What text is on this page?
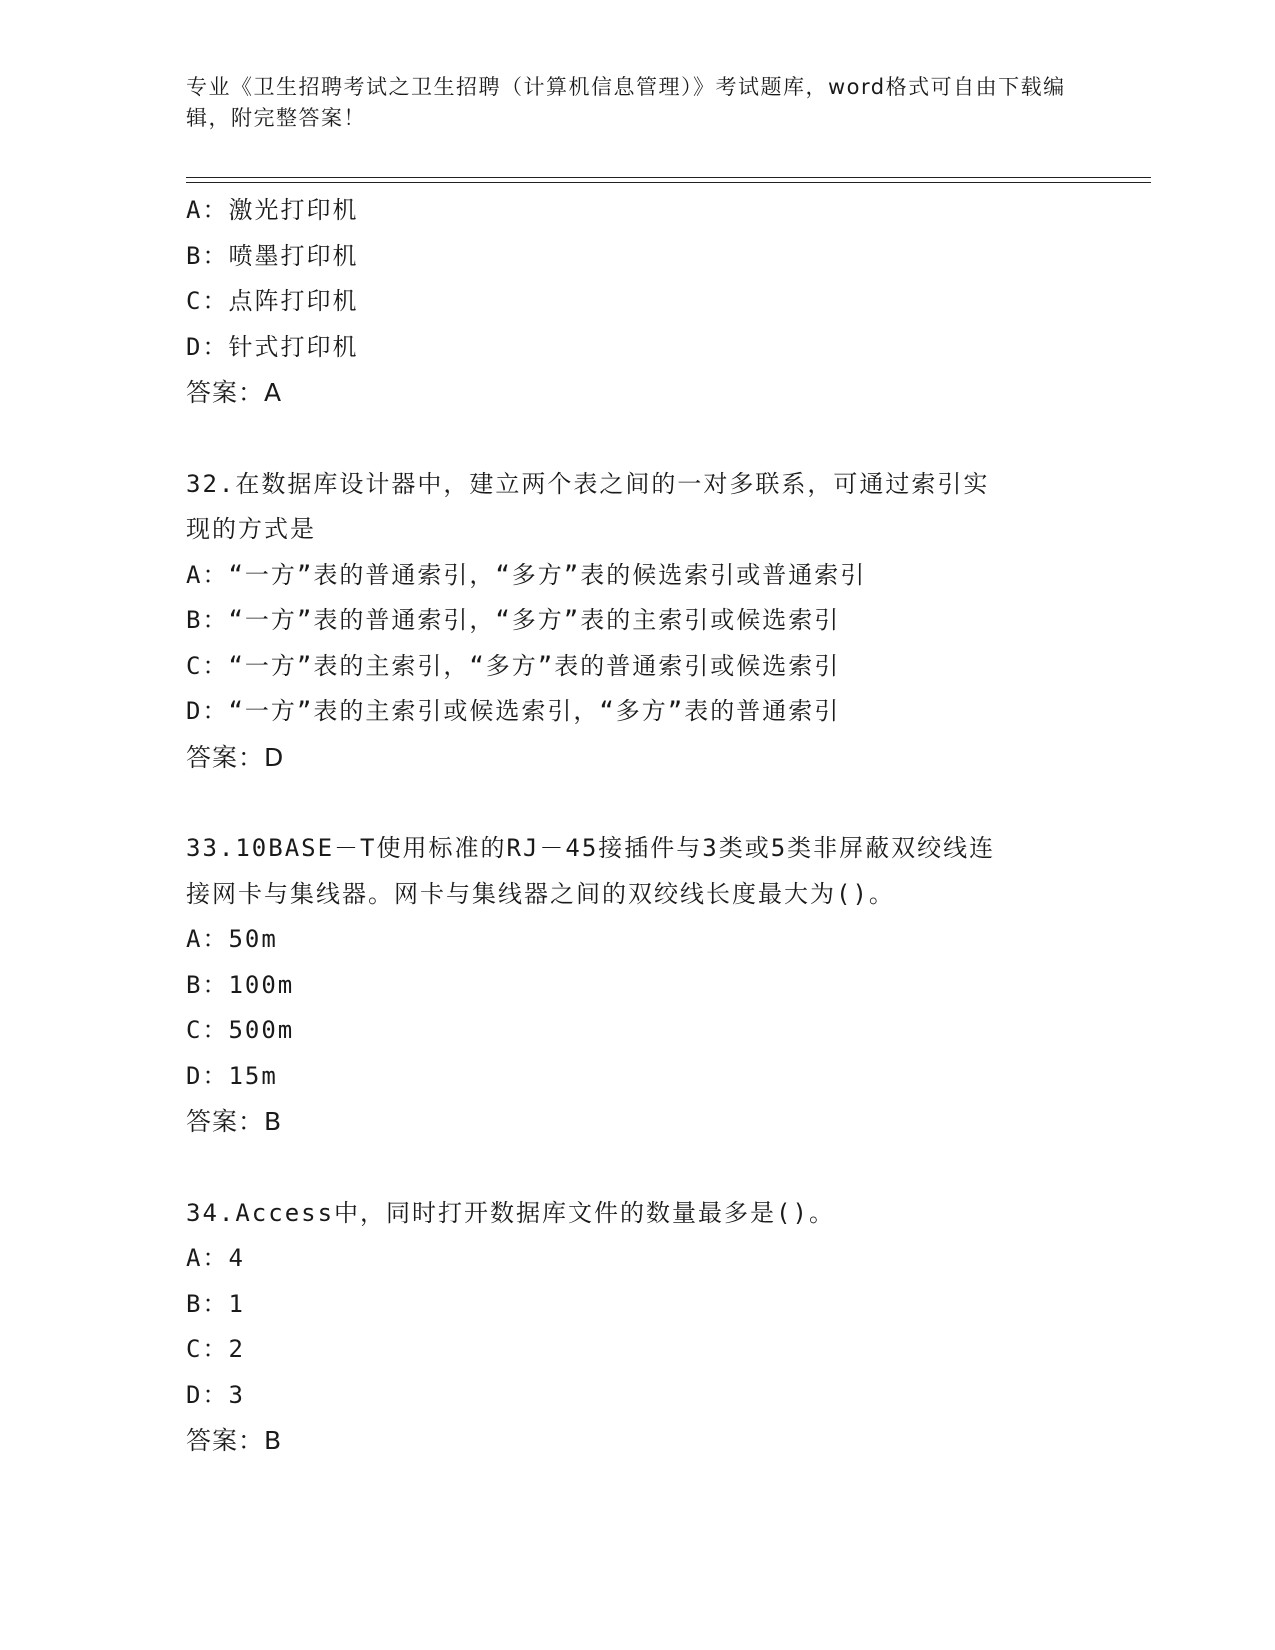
专业《卫生招聘考试之卫生招聘（计算机信息管理）》考试题库，word格式可自由下载编辑，附完整答案！
A：激光打印机
B：喷墨打印机
C：点阵打印机
D：针式打印机
答案：A
32.在数据库设计器中，建立两个表之间的一对多联系，可通过索引实
现的方式是
A：“一方”表的普通索引，“多方”表的候选索引或普通索引
B：“一方”表的普通索引，“多方”表的主索引或候选索引
C：“一方”表的主索引，“多方”表的普通索引或候选索引
D：“一方”表的主索引或候选索引，“多方”表的普通索引
答案：D
33.10BASE－T使用标准的RJ－45接插件与3类或5类非屏蔽双绞线连
接网卡与集线器。网卡与集线器之间的双绞线长度最大为()。
A：50m
B：100m
C：500m
D：15m
答案：B
34.Access中，同时打开数据库文件的数量最多是()。
A：4
B：1
C：2
D：3
答案：B
